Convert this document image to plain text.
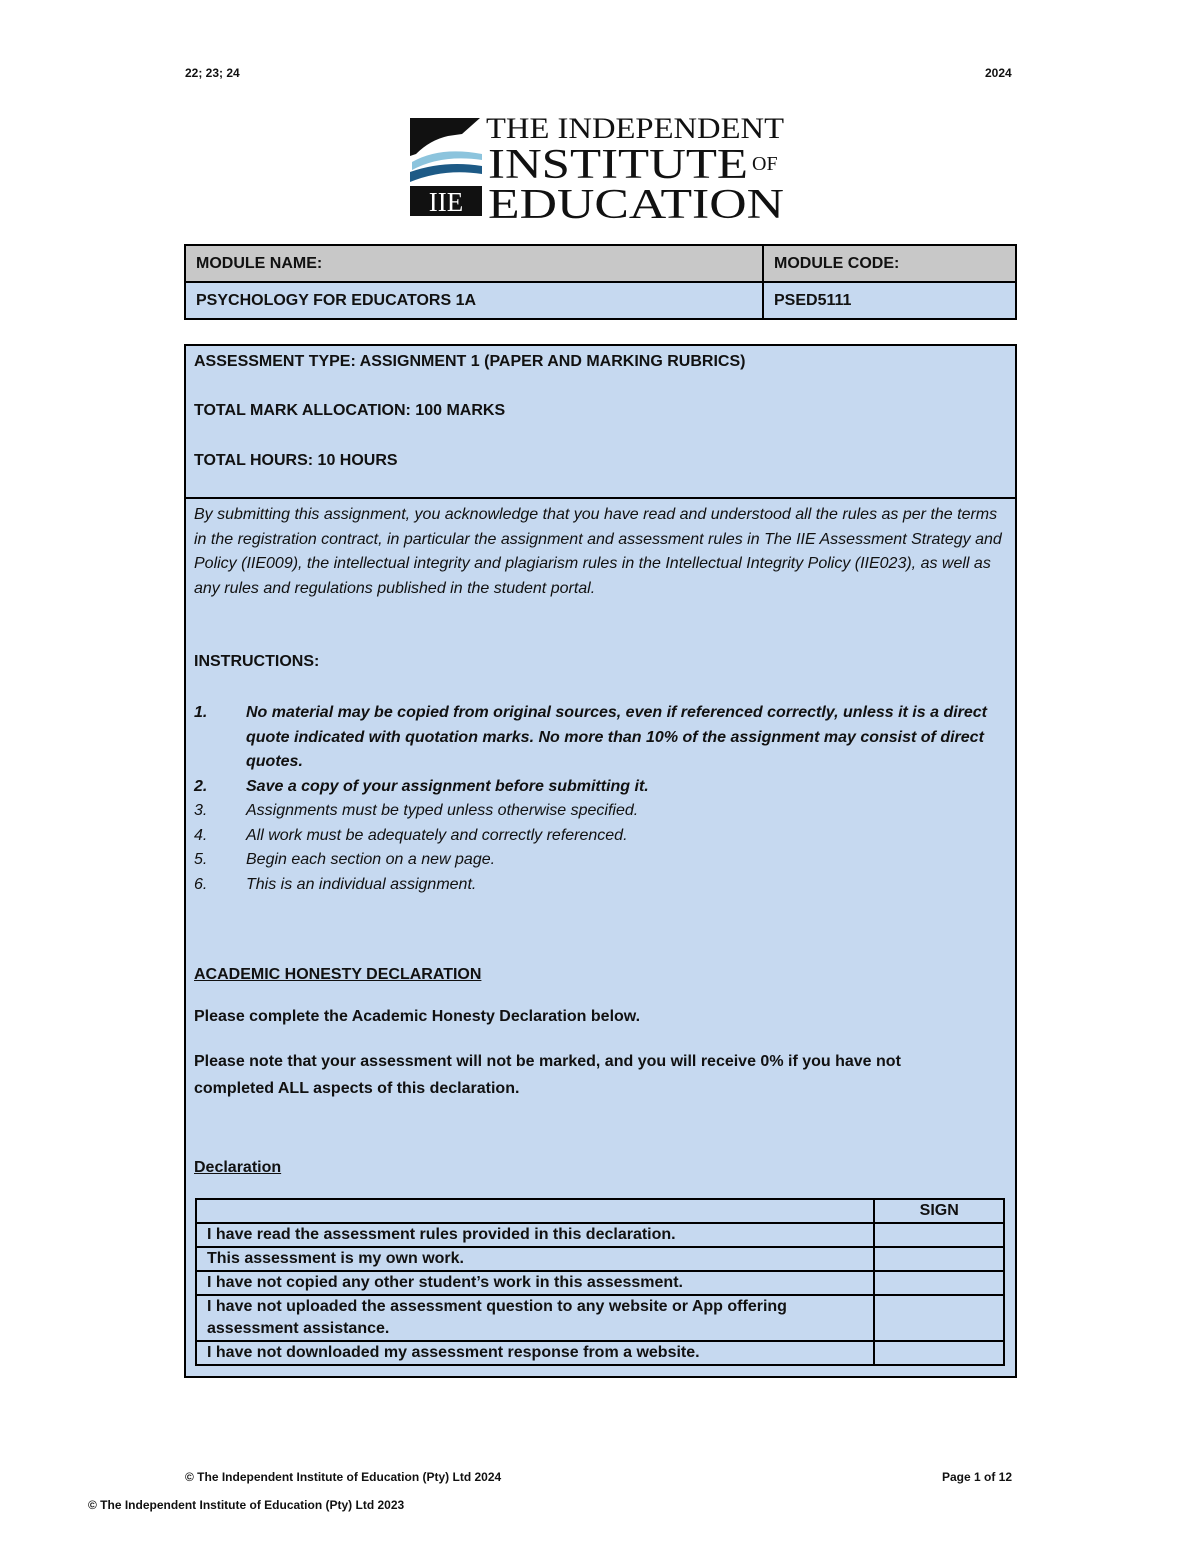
22; 23; 24	2024
IIE
THE INDEPENDENT
INSTITUTE OF
EDUCATION
MODULE NAME:	MODULE CODE:
PSYCHOLOGY FOR EDUCATORS 1A	PSED5111
ASSESSMENT TYPE: ASSIGNMENT 1 (PAPER AND MARKING RUBRICS)
TOTAL MARK ALLOCATION: 100 MARKS
TOTAL HOURS: 10 HOURS
By submitting this assignment, you acknowledge that you have read and understood all the rules as per the terms in the registration contract, in particular the assignment and assessment rules in The IIE Assessment Strategy and Policy (IIE009), the intellectual integrity and plagiarism rules in the Intellectual Integrity Policy (IIE023), as well as any rules and regulations published in the student portal.
INSTRUCTIONS:
1. No material may be copied from original sources, even if referenced correctly, unless it is a direct quote indicated with quotation marks. No more than 10% of the assignment may consist of direct quotes.
2. Save a copy of your assignment before submitting it.
3. Assignments must be typed unless otherwise specified.
4. All work must be adequately and correctly referenced.
5. Begin each section on a new page.
6. This is an individual assignment.
ACADEMIC HONESTY DECLARATION
Please complete the Academic Honesty Declaration below.
Please note that your assessment will not be marked, and you will receive 0% if you have not completed ALL aspects of this declaration.
Declaration
	SIGN
I have read the assessment rules provided in this declaration.	
This assessment is my own work.	
I have not copied any other student’s work in this assessment.	
I have not uploaded the assessment question to any website or App offering assessment assistance.	
I have not downloaded my assessment response from a website.	
© The Independent Institute of Education (Pty) Ltd 2024	Page 1 of 12
© The Independent Institute of Education (Pty) Ltd 2023
